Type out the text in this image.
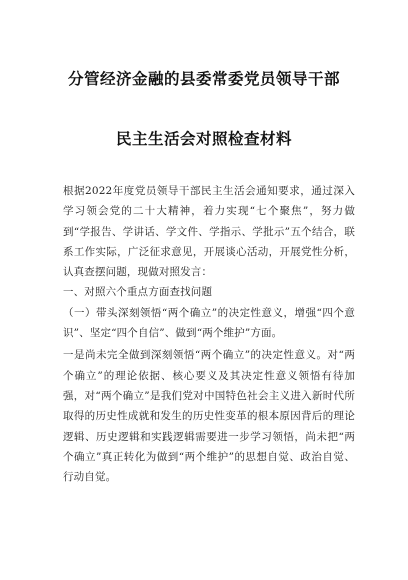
分管经济金融的县委常委党员领导干部
民主生活会对照检查材料

根据2022年度党员领导干部民主生活会通知要求，通过深入学习领会党的二十大精神，着力实现“七个聚焦”，努力做到“学报告、学讲话、学文件、学指示、学批示”五个结合，联系工作实际，广泛征求意见，开展谈心活动，开展党性分析，认真查摆问题，现做对照发言：

一、对照六个重点方面查找问题

（一）带头深刻领悟“两个确立”的决定性意义，增强“四个意识”、坚定“四个自信”、做到“两个维护”方面。

一是尚未完全做到深刻领悟“两个确立”的决定性意义。对“两个确立”的理论依据、核心要义及其决定性意义领悟有待加强，对“两个确立”是我们党对中国特色社会主义进入新时代所取得的历史性成就和发生的历史性变革的根本原因背后的理论逻辑、历史逻辑和实践逻辑需要进一步学习领悟，尚未把“两个确立”真正转化为做到“两个维护”的思想自觉、政治自觉、行动自觉。
